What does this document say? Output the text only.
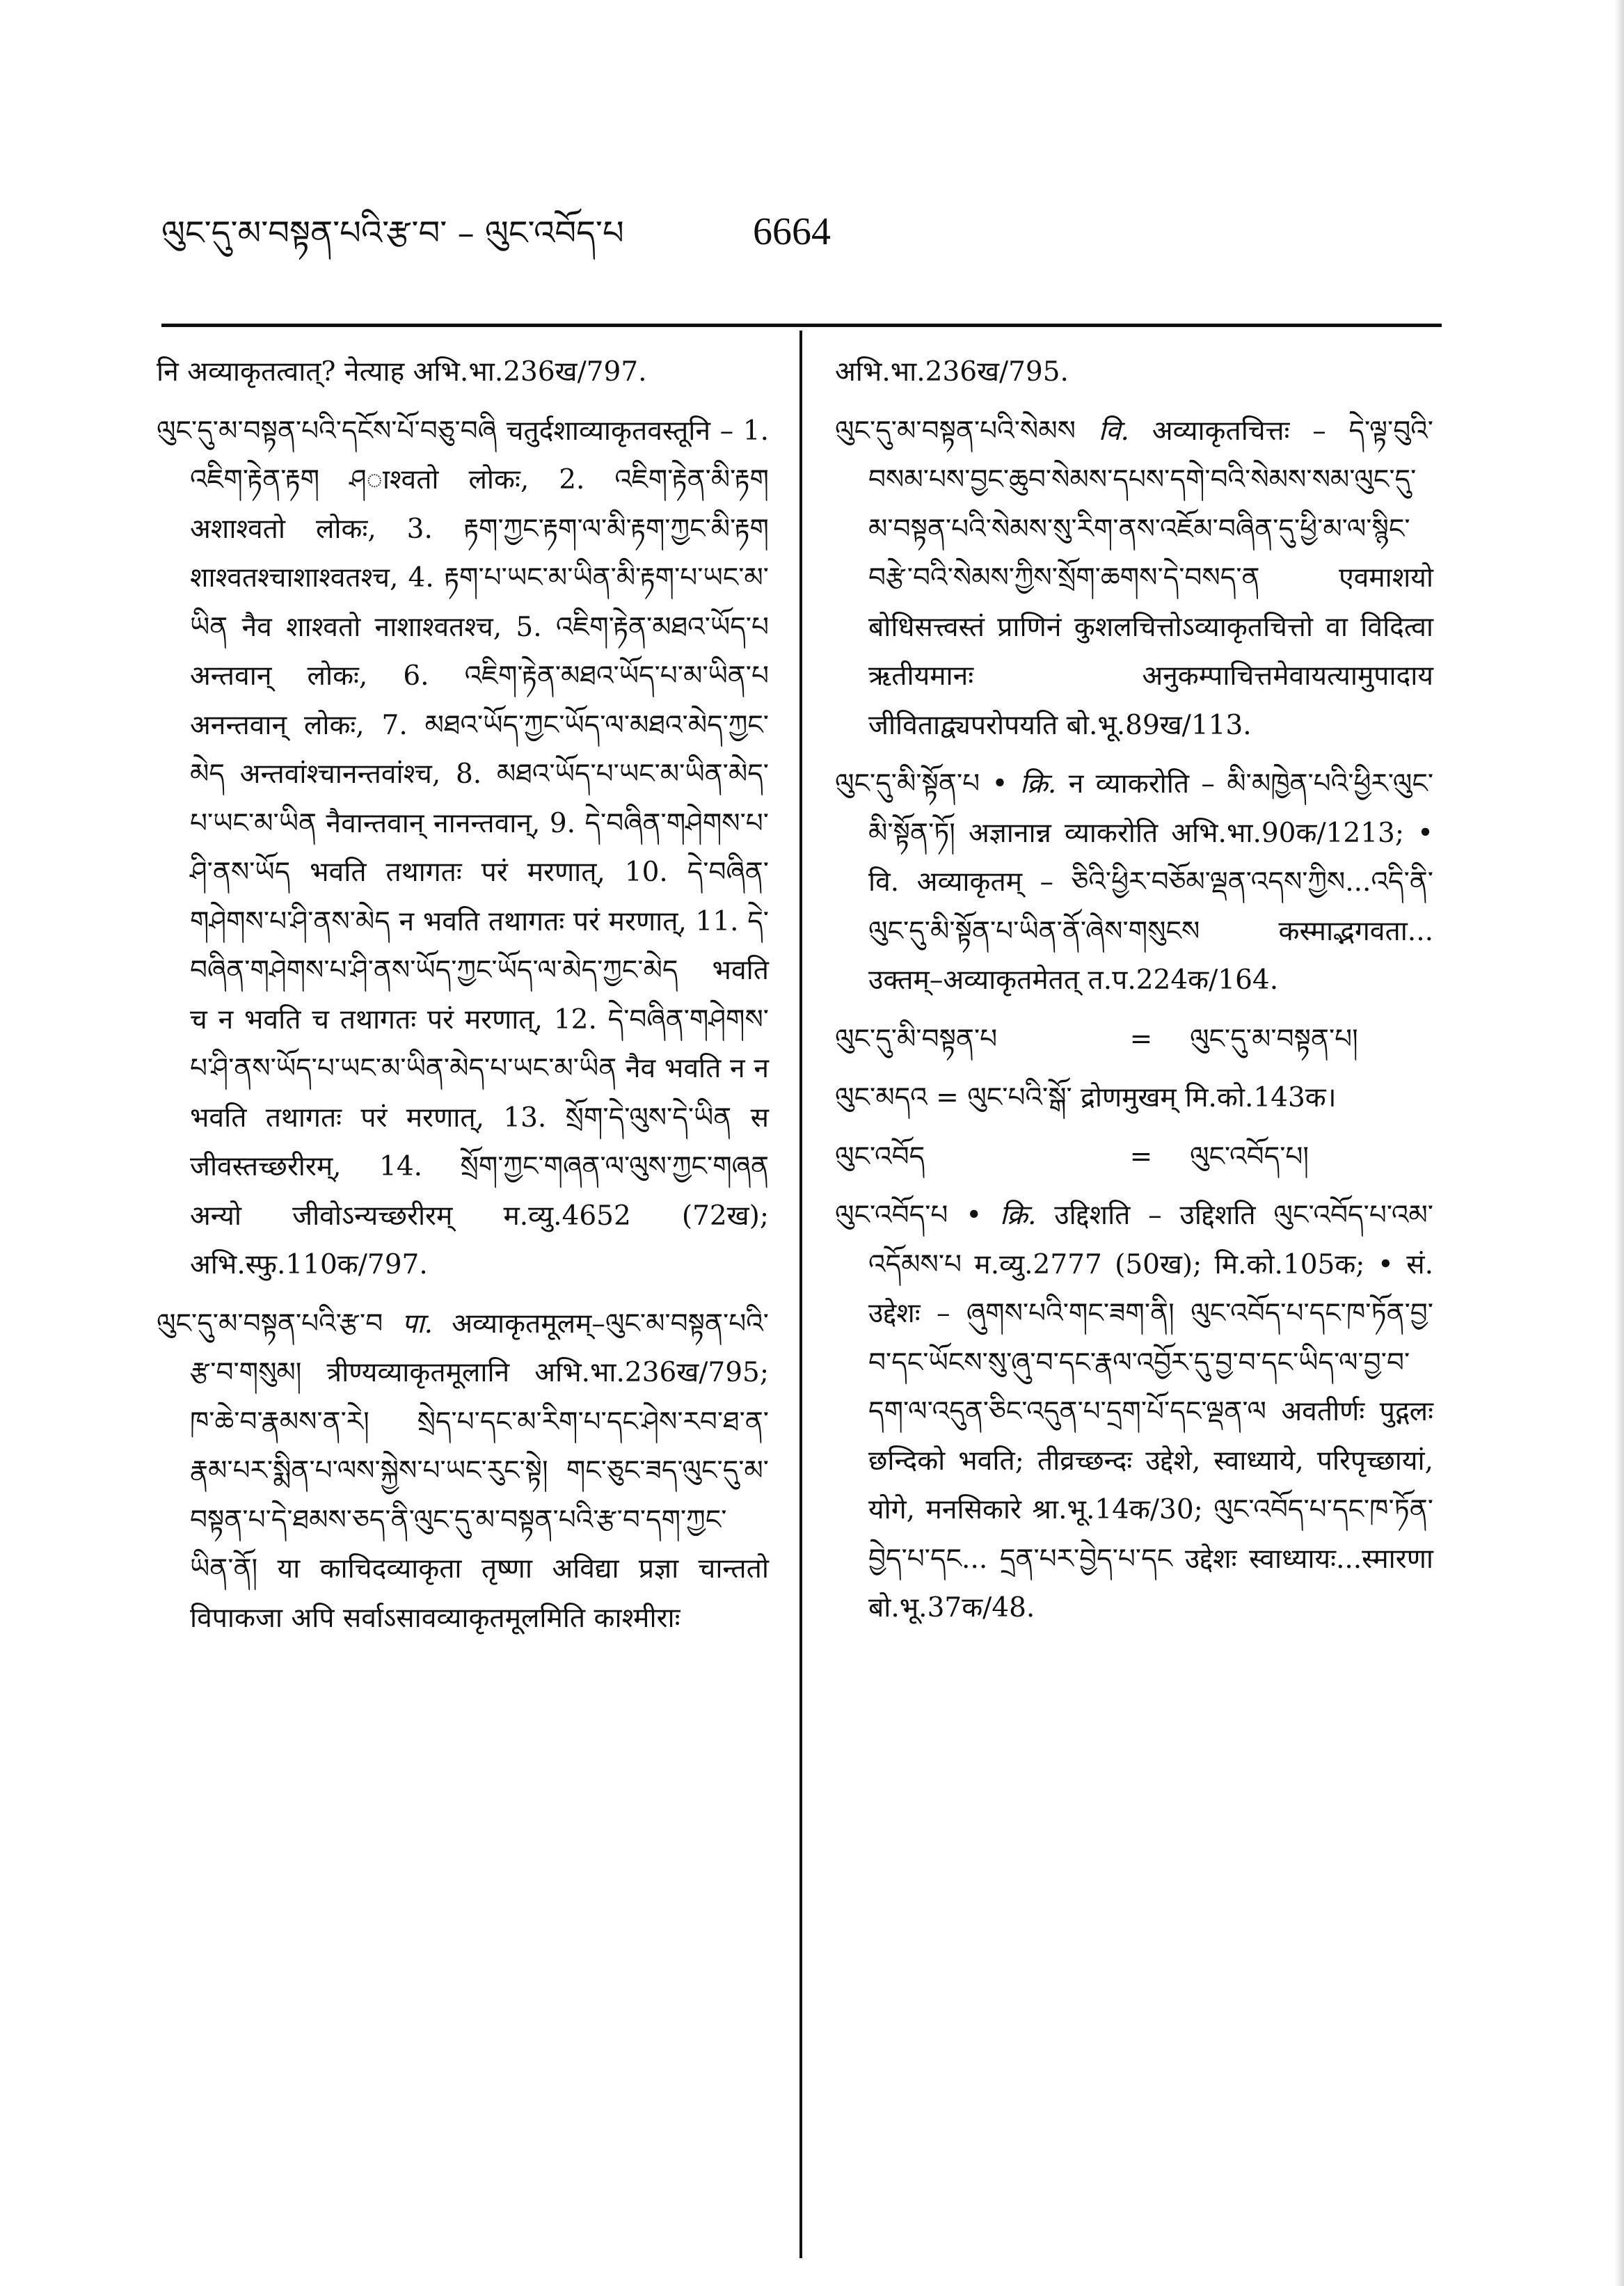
ལུང་དུ་མ་བསྟན་པའི་རྩ་བ་ – ལུང་འབོད་པ	6664
नि अव्याकृतत्वात्? नेत्याह अभि.भा.236ख/797.
ལུང་དུ་མ་བསྟན་པའི་དངོས་པོ་བཅུ་བཞི चतुर्दशाव्याकृतवस्तूनि – 1. འཇིག་རྟེན་རྟག ཤाश्वतो लोकः, 2. འཇིག་རྟེན་མི་རྟག अशाश्वतो लोकः, 3. རྟག་ཀྱང་རྟག་ལ་མི་རྟག་ཀྱང་མི་རྟག शाश्वतश्चाशाश्वतश्च, 4. རྟག་པ་ཡང་མ་ཡིན་མི་རྟག་པ་ཡང་མ་ཡིན नैव शाश्वतो नाशाश्वतश्च, 5. འཇིག་རྟེན་མཐའ་ཡོད་པ अन्तवान् लोकः, 6. འཇིག་རྟེན་མཐའ་ཡོད་པ་མ་ཡིན་པ अनन्तवान् लोकः, 7. མཐའ་ཡོད་ཀྱང་ཡོད་ལ་མཐའ་མེད་ཀྱང་མེད अन्तवांश्चानन्तवांश्च, 8. མཐའ་ཡོད་པ་ཡང་མ་ཡིན་མེད་པ་ཡང་མ་ཡིན नैवान्तवान् नानन्तवान्, 9. དེ་བཞིན་གཤེགས་པ་ཤི་ནས་ཡོད भवति तथागतः परं मरणात्, 10. དེ་བཞིན་གཤེགས་པ་ཤི་ནས་མེད न भवति तथागतः परं मरणात्, 11. དེ་བཞིན་གཤེགས་པ་ཤི་ནས་ཡོད་ཀྱང་ཡོད་ལ་མེད་ཀྱང་མེད भवति च न भवति च तथागतः परं मरणात्, 12. དེ་བཞིན་གཤེགས་པ་ཤི་ནས་ཡོད་པ་ཡང་མ་ཡིན་མེད་པ་ཡང་མ་ཡིན नैव भवति न न भवति तथागतः परं मरणात्, 13. སྲོག་དེ་ལུས་དེ་ཡིན स जीवस्तच्छरीरम्, 14. སྲོག་ཀྱང་གཞན་ལ་ལུས་ཀྱང་གཞན अन्यो जीवोऽन्यच्छरीरम् म.व्यु.4652 (72ख); अभि.स्फु.110क/797.
ལུང་དུ་མ་བསྟན་པའི་རྩ་བ पा. अव्याकृतमूलम्–ལུང་མ་བསྟན་པའི་རྩ་བ་གསུམ། त्रीण्यव्याकृतमूलानि अभि.भा.236ख/795; ཁ་ཆེ་བ་རྣམས་ན་རེ། སྲེད་པ་དང་མ་རིག་པ་དང་ཤེས་རབ་ཐ་ན་རྣམ་པར་སྨིན་པ་ལས་སྐྱེས་པ་ཡང་རུང་སྟེ། གང་ཅུང་ཟད་ལུང་དུ་མ་བསྟན་པ་དེ་ཐམས་ཅད་ནི་ལུང་དུ་མ་བསྟན་པའི་རྩ་བ་དག་ཀྱང་ཡིན་ནོ། या काचिदव्याकृता तृष्णा अविद्या प्रज्ञा चान्ततो विपाकजा अपि सर्वाऽसावव्याकृतमूलमिति काश्मीराः
अभि.भा.236ख/795.
ལུང་དུ་མ་བསྟན་པའི་སེམས वि. अव्याकृतचित्तः – དེ་ལྟ་བུའི་བསམ་པས་བྱང་ཆུབ་སེམས་དཔས་དགེ་བའི་སེམས་སམ་ལུང་དུ་མ་བསྟན་པའི་སེམས་སུ་རིག་ནས་འཇོམ་བཞིན་དུ་ཕྱི་མ་ལ་སྙིང་བརྩེ་བའི་སེམས་ཀྱིས་སྲོག་ཆགས་དེ་བསད་ན एवमाशयो बोधिसत्त्वस्तं प्राणिनं कुशलचित्तोऽव्याकृतचित्तो वा विदित्वा ऋतीयमानः अनुकम्पाचित्तमेवायत्यामुपादाय जीविताद्व्यपरोपयति बो.भू.89ख/113.
ལུང་དུ་མི་སྟོན་པ • क्रि. न व्याकरोति – མི་མཁྱེན་པའི་ཕྱིར་ལུང་མི་སྟོན་ཏོ། अज्ञानान्न व्याकरोति अभि.भा.90क/1213; • वि. अव्याकृतम् – ཅིའི་ཕྱིར་བཅོམ་ལྡན་འདས་ཀྱིས...འདི་ནི་ལུང་དུ་མི་སྟོན་པ་ཡིན་ནོ་ཞེས་གསུངས कस्माद्भगवता... उक्तम्–अव्याकृतमेतत् त.प.224क/164.
ལུང་དུ་མི་བསྟན་པ	=	ལུང་དུ་མ་བསྟན་པ།
ལུང་མདའ = ལུང་པའི་སྒོ་ द्रोणमुखम् मि.को.143क।
ལུང་འབོད	=	ལུང་འབོད་པ།
ལུང་འབོད་པ • क्रि. उद्दिशति – उद्दिशति ལུང་འབོད་པ་འམ་འདོམས་པ म.व्यु.2777 (50ख); मि.को.105क; • सं. उद्देशः – ཞུགས་པའི་གང་ཟག་ནི། ལུང་འབོད་པ་དང་ཁ་ཏོན་བྱ་བ་དང་ཡོངས་སུ་ཞུ་བ་དང་རྣལ་འབྱོར་དུ་བྱ་བ་དང་ཡིད་ལ་བྱ་བ་དག་ལ་འདུན་ཅིང་འདུན་པ་དྲག་པོ་དང་ལྡན་ལ अवतीर्णः पुद्गलः छन्दिको भवति; तीव्रच्छन्दः उद्देशे, स्वाध्याये, परिपृच्छायां, योगे, मनसिकारे श्रा.भू.14क/30; ལུང་འབོད་པ་དང་ཁ་ཏོན་བྱེད་པ་དང... དྲན་པར་བྱེད་པ་དང उद्देशः स्वाध्यायः...स्मारणा बो.भू.37क/48.
